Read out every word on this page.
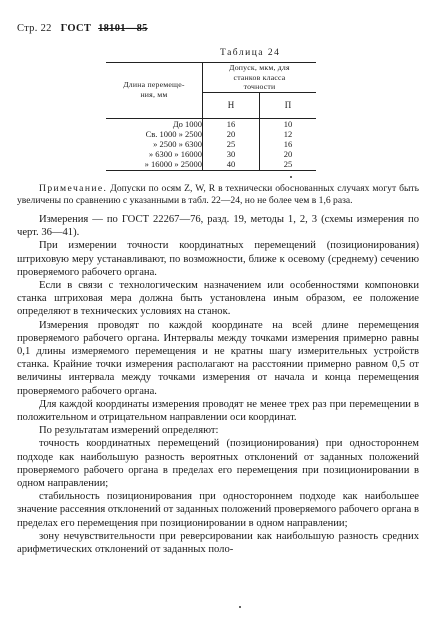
Стр. 22 ГОСТ 18101—85
Таблица 24
Длина перемеще-
ния, мм	Допуск, мкм, для
станков класса
точности	
	Н	П
До 1000	16	10
Св. 1000 » 2500	20	12
» 2500 » 6300	25	16
» 6300 » 16000	30	20
» 16000 » 25000	40	25

Примечание. Допуски по осям Z, W, R в технически обоснованных случаях могут быть увеличены по сравнению с указанными в табл. 22—24, но не более чем в 1,6 раза.

Измерения — по ГОСТ 22267—76, разд. 19, методы 1, 2, 3 (схемы измерения по черт. 36—41).

При измерении точности координатных перемещений (позиционирования) штриховую меру устанавливают, по возможности, ближе к осевому (среднему) сечению проверяемого рабочего органа.

Если в связи с технологическим назначением или особенностями компоновки станка штриховая мера должна быть установлена иным образом, ее положение определяют в технических условиях на станок.

Измерения проводят по каждой координате на всей длине перемещения проверяемого рабочего органа. Интервалы между точками измерения примерно равны 0,1 длины измеряемого перемещения и не кратны шагу измерительных устройств станка. Крайние точки измерения располагают на расстоянии примерно равном 0,5 от величины интервала между точками измерения от начала и конца перемещения проверяемого рабочего органа.

Для каждой координаты измерения проводят не менее трех раз при перемещении в положительном и отрицательном направлении оси координат.

По результатам измерений определяют:

точность координатных перемещений (позиционирования) при одностороннем подходе как наибольшую разность вероятных отклонений от заданных положений проверяемого рабочего органа в пределах его перемещения при позиционировании в одном направлении;

стабильность позиционирования при одностороннем подходе как наибольшее значение рассеяния отклонений от заданных положений проверяемого рабочего органа в пределах его перемещения при позиционировании в одном направлении;

зону нечувствительности при реверсировании как наибольшую разность средних арифметических отклонений от заданных поло-
